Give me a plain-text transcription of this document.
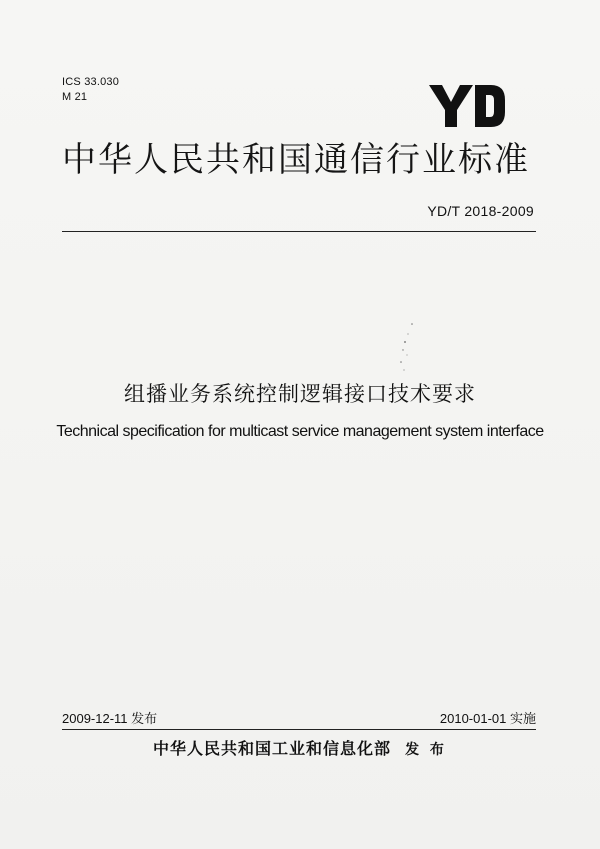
ICS 33.030
M 21
中华人民共和国通信行业标准
YD/T 2018-2009
组播业务系统控制逻辑接口技术要求
Technical specification for multicast service management system interface
2009-12-11 发布	2010-01-01 实施
中华人民共和国工业和信息化部 发 布
